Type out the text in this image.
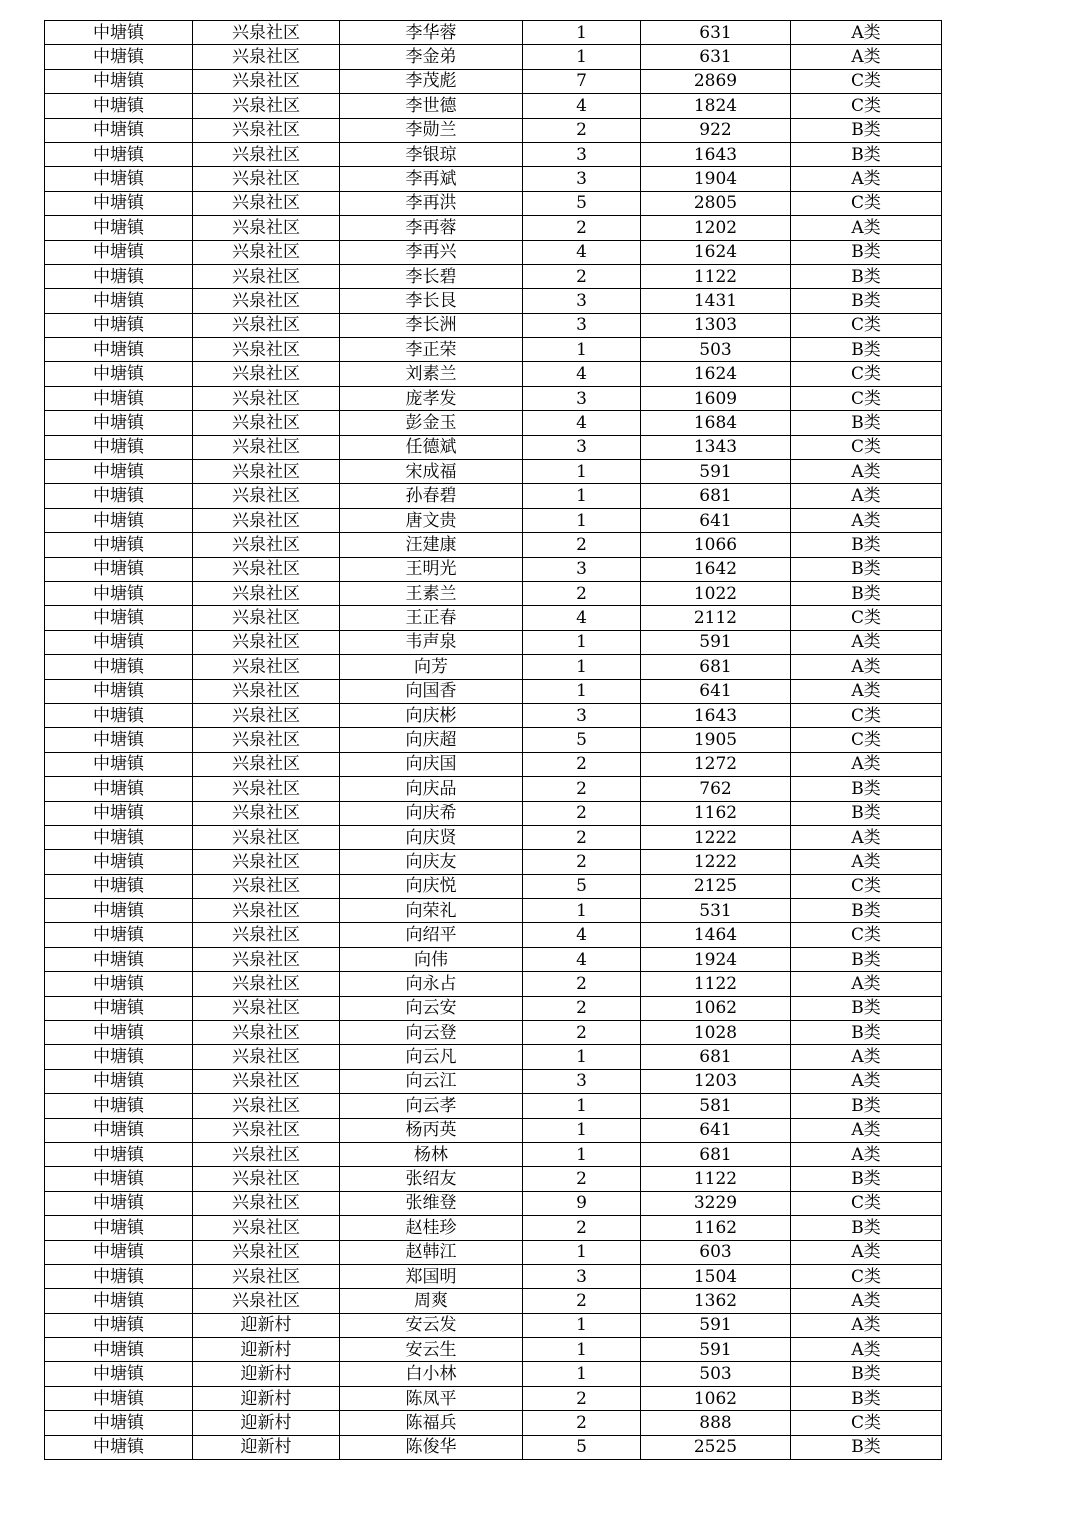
中塘镇	兴泉社区	李华蓉	1	631	A类
中塘镇	兴泉社区	李金弟	1	631	A类
中塘镇	兴泉社区	李茂彪	7	2869	C类
中塘镇	兴泉社区	李世德	4	1824	C类
中塘镇	兴泉社区	李勋兰	2	922	B类
中塘镇	兴泉社区	李银琼	3	1643	B类
中塘镇	兴泉社区	李再斌	3	1904	A类
中塘镇	兴泉社区	李再洪	5	2805	C类
中塘镇	兴泉社区	李再蓉	2	1202	A类
中塘镇	兴泉社区	李再兴	4	1624	B类
中塘镇	兴泉社区	李长碧	2	1122	B类
中塘镇	兴泉社区	李长艮	3	1431	B类
中塘镇	兴泉社区	李长洲	3	1303	C类
中塘镇	兴泉社区	李正荣	1	503	B类
中塘镇	兴泉社区	刘素兰	4	1624	C类
中塘镇	兴泉社区	庞孝发	3	1609	C类
中塘镇	兴泉社区	彭金玉	4	1684	B类
中塘镇	兴泉社区	任德斌	3	1343	C类
中塘镇	兴泉社区	宋成福	1	591	A类
中塘镇	兴泉社区	孙春碧	1	681	A类
中塘镇	兴泉社区	唐文贵	1	641	A类
中塘镇	兴泉社区	汪建康	2	1066	B类
中塘镇	兴泉社区	王明光	3	1642	B类
中塘镇	兴泉社区	王素兰	2	1022	B类
中塘镇	兴泉社区	王正春	4	2112	C类
中塘镇	兴泉社区	韦声泉	1	591	A类
中塘镇	兴泉社区	向芳	1	681	A类
中塘镇	兴泉社区	向国香	1	641	A类
中塘镇	兴泉社区	向庆彬	3	1643	C类
中塘镇	兴泉社区	向庆超	5	1905	C类
中塘镇	兴泉社区	向庆国	2	1272	A类
中塘镇	兴泉社区	向庆品	2	762	B类
中塘镇	兴泉社区	向庆希	2	1162	B类
中塘镇	兴泉社区	向庆贤	2	1222	A类
中塘镇	兴泉社区	向庆友	2	1222	A类
中塘镇	兴泉社区	向庆悦	5	2125	C类
中塘镇	兴泉社区	向荣礼	1	531	B类
中塘镇	兴泉社区	向绍平	4	1464	C类
中塘镇	兴泉社区	向伟	4	1924	B类
中塘镇	兴泉社区	向永占	2	1122	A类
中塘镇	兴泉社区	向云安	2	1062	B类
中塘镇	兴泉社区	向云登	2	1028	B类
中塘镇	兴泉社区	向云凡	1	681	A类
中塘镇	兴泉社区	向云江	3	1203	A类
中塘镇	兴泉社区	向云孝	1	581	B类
中塘镇	兴泉社区	杨丙英	1	641	A类
中塘镇	兴泉社区	杨林	1	681	A类
中塘镇	兴泉社区	张绍友	2	1122	B类
中塘镇	兴泉社区	张维登	9	3229	C类
中塘镇	兴泉社区	赵桂珍	2	1162	B类
中塘镇	兴泉社区	赵韩江	1	603	A类
中塘镇	兴泉社区	郑国明	3	1504	C类
中塘镇	兴泉社区	周爽	2	1362	A类
中塘镇	迎新村	安云发	1	591	A类
中塘镇	迎新村	安云生	1	591	A类
中塘镇	迎新村	白小林	1	503	B类
中塘镇	迎新村	陈凤平	2	1062	B类
中塘镇	迎新村	陈福兵	2	888	C类
中塘镇	迎新村	陈俊华	5	2525	B类
